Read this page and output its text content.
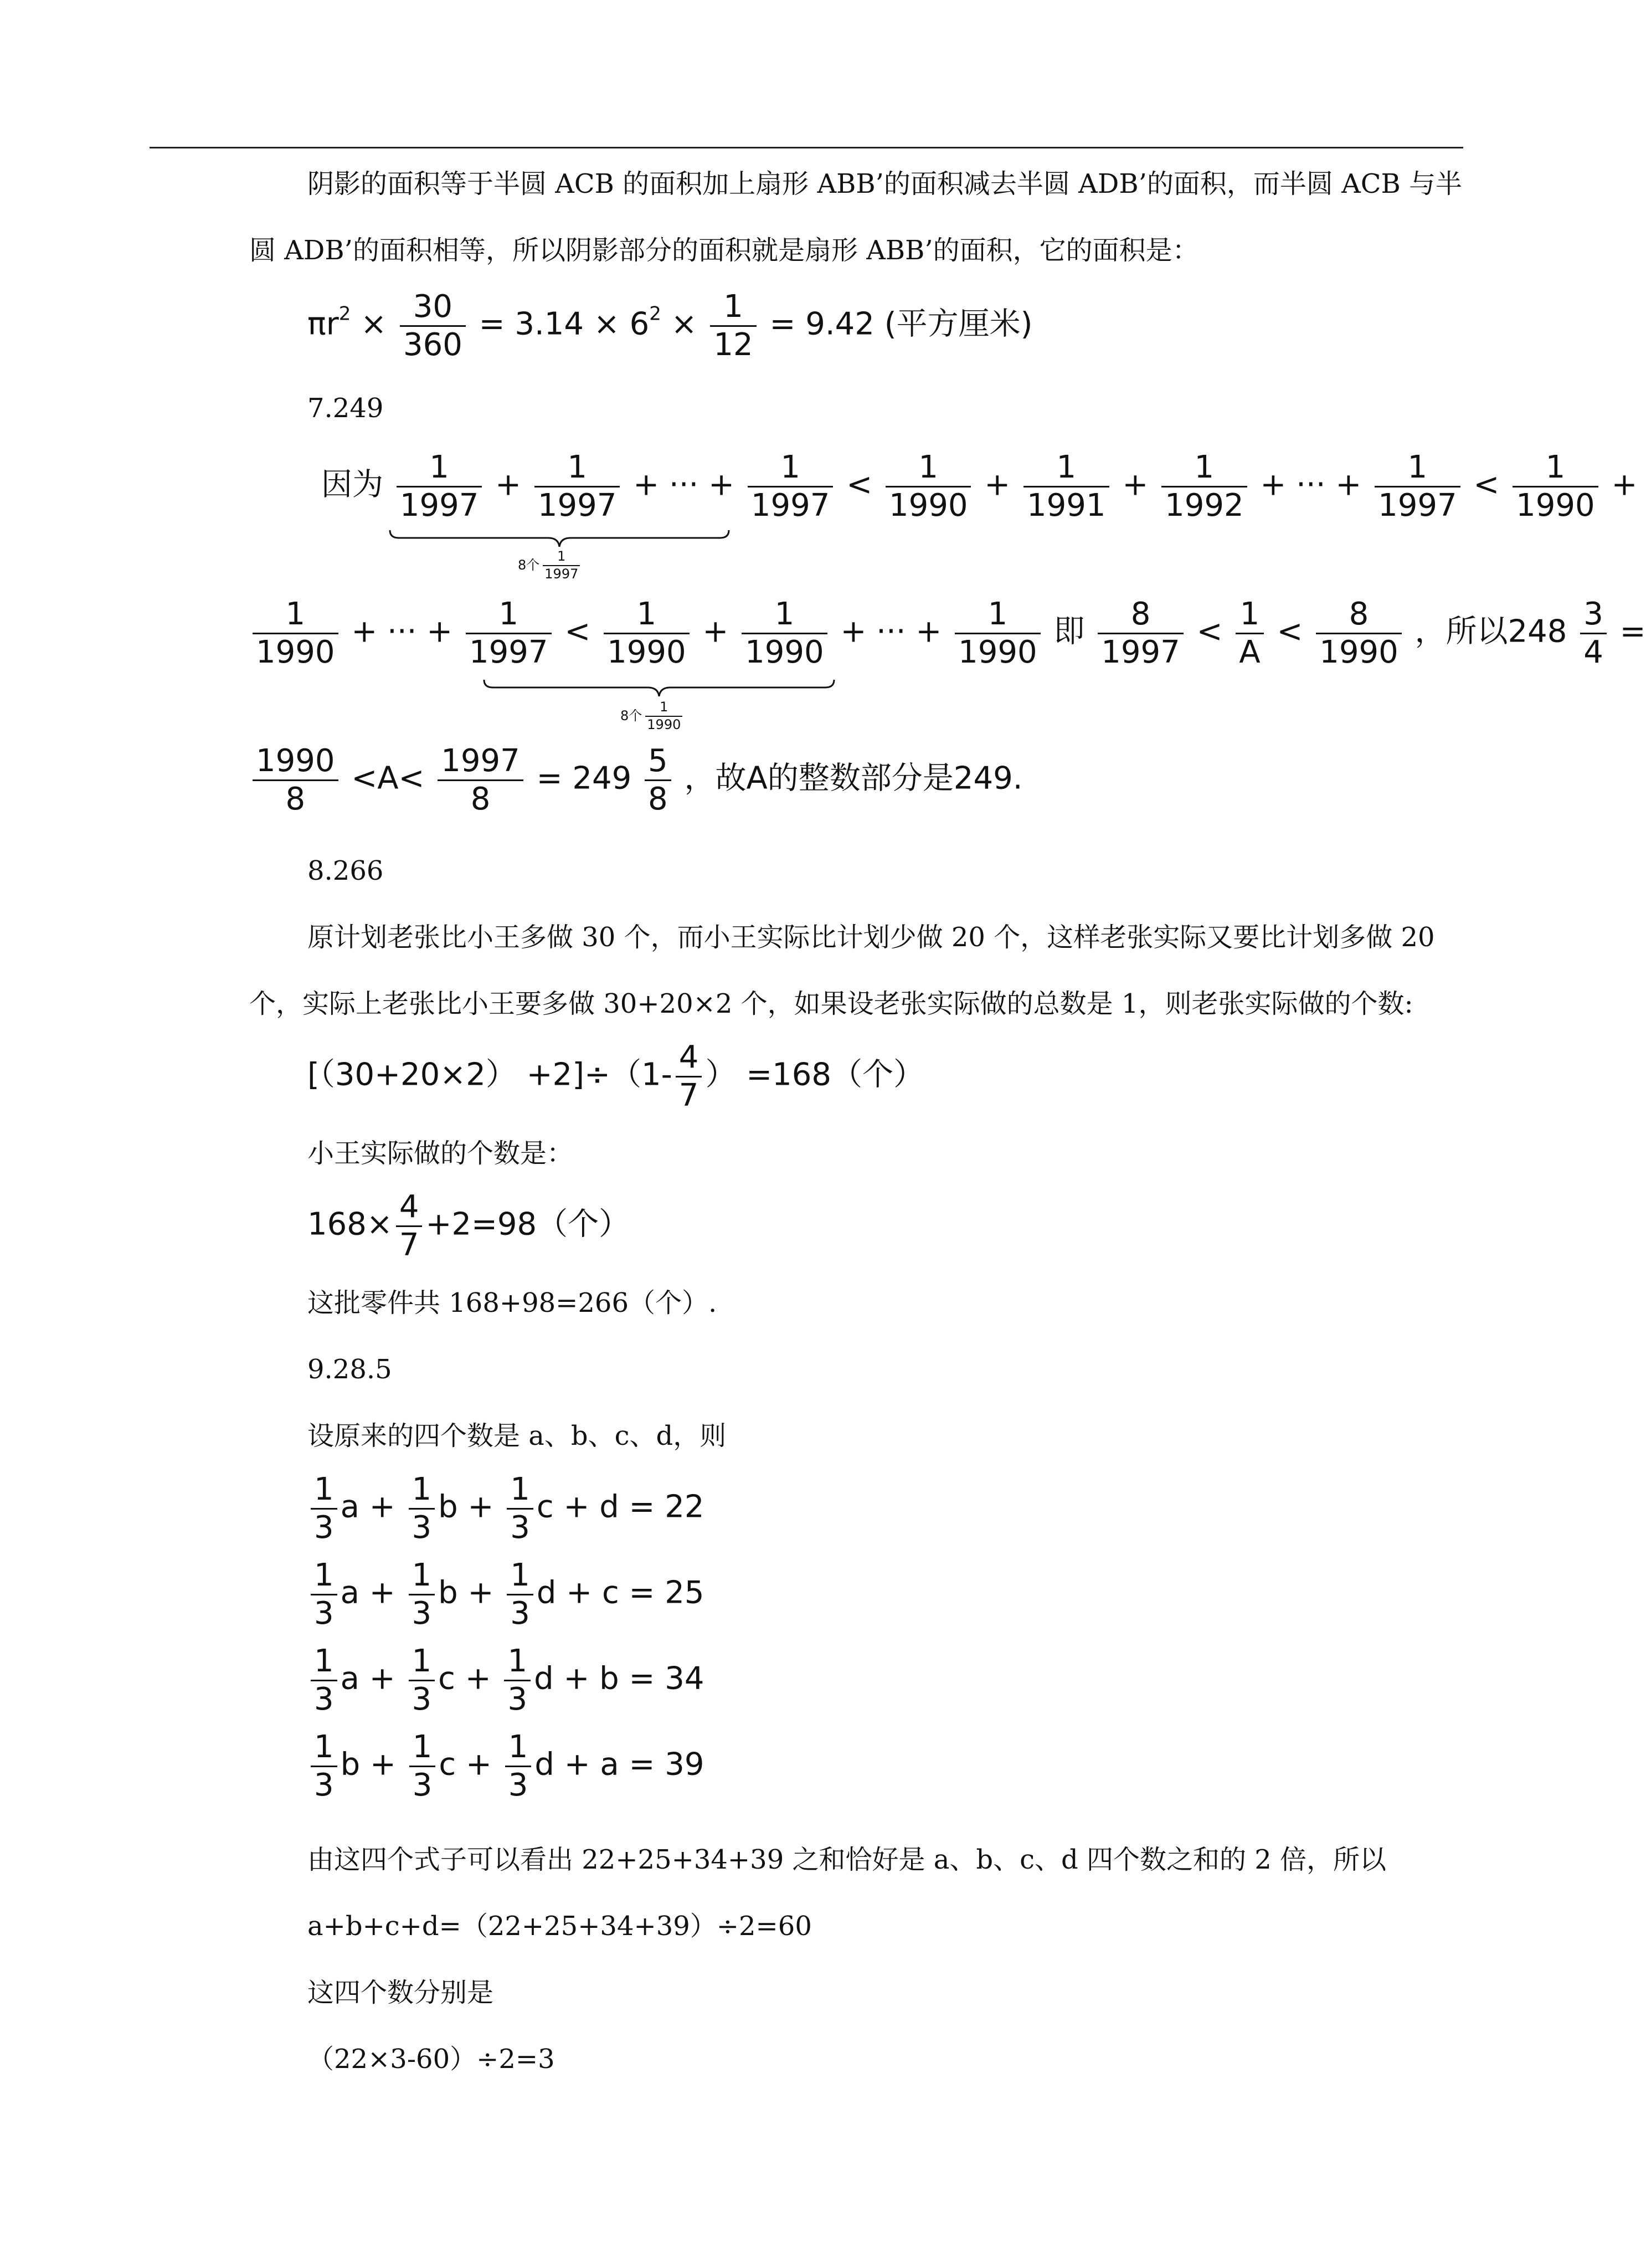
阴影的面积等于半圆 ACB 的面积加上扇形 ABB’的面积减去半圆 ADB’的面积，而半圆 ACB 与半
圆 ADB’的面积相等，所以阴影部分的面积就是扇形 ABB’的面积，它的面积是：
$\pi r^2 \times \frac{30}{360} = 3.14 \times 6^2 \times \frac{1}{12} = 9.42$ (平方厘米)
7.249
因为 $\frac{1}{1997} + \frac{1}{1997}$ + ··· + $\frac{1}{1997} < \frac{1}{1990} + \frac{1}{1991} + \frac{1}{1992}$ + ··· + $\frac{1}{1997} < \frac{1}{1990}$ +
8个 $\frac{1}{1997}$
$\frac{1}{1990}$ + ··· + $\frac{1}{1997} < \frac{1}{1990} + \frac{1}{1990}$ + ··· + $\frac{1}{1990}$ 即 $\frac{8}{1997} < \frac{1}{A} < \frac{8}{1990}$ ，所以$248 \frac{3}{4}$ =
8个 $\frac{1}{1990}$
$\frac{1990}{8} <A< \frac{1997}{8} = 249 \frac{5}{8}$ ，故A的整数部分是249.
8.266
原计划老张比小王多做 30 个，而小王实际比计划少做 20 个，这样老张实际又要比计划多做 20
个，实际上老张比小王要多做 30+20×2 个，如果设老张实际做的总数是 1，则老张实际做的个数:
$[(30+20\times 2) +2]\div(1- \frac{4}{7}$ ） =168（个）
小王实际做的个数是：
$168\times \frac{4}{7} +2=98$（个）
这批零件共 168+98=266（个）.
9.28.5
设原来的四个数是 a、b、c、d，则
$\frac{1}{3}$ $a + \frac{1}{3}$ $b + \frac{1}{3}$ c + d = 22
$\frac{1}{3}$ $a + \frac{1}{3}$ $b + \frac{1}{3}$ d + c = 25
$\frac{1}{3}$ $a + \frac{1}{3}$ $c + \frac{1}{3}$ d + b = 34
$\frac{1}{3}$ $b + \frac{1}{3}$ $c + \frac{1}{3}$ d + a = 39
由这四个式子可以看出 22+25+34+39 之和恰好是 a、b、c、d 四个数之和的 2 倍，所以
a+b+c+d=（22+25+34+39）÷2=60
这四个数分别是
（22×3-60）÷2=3
